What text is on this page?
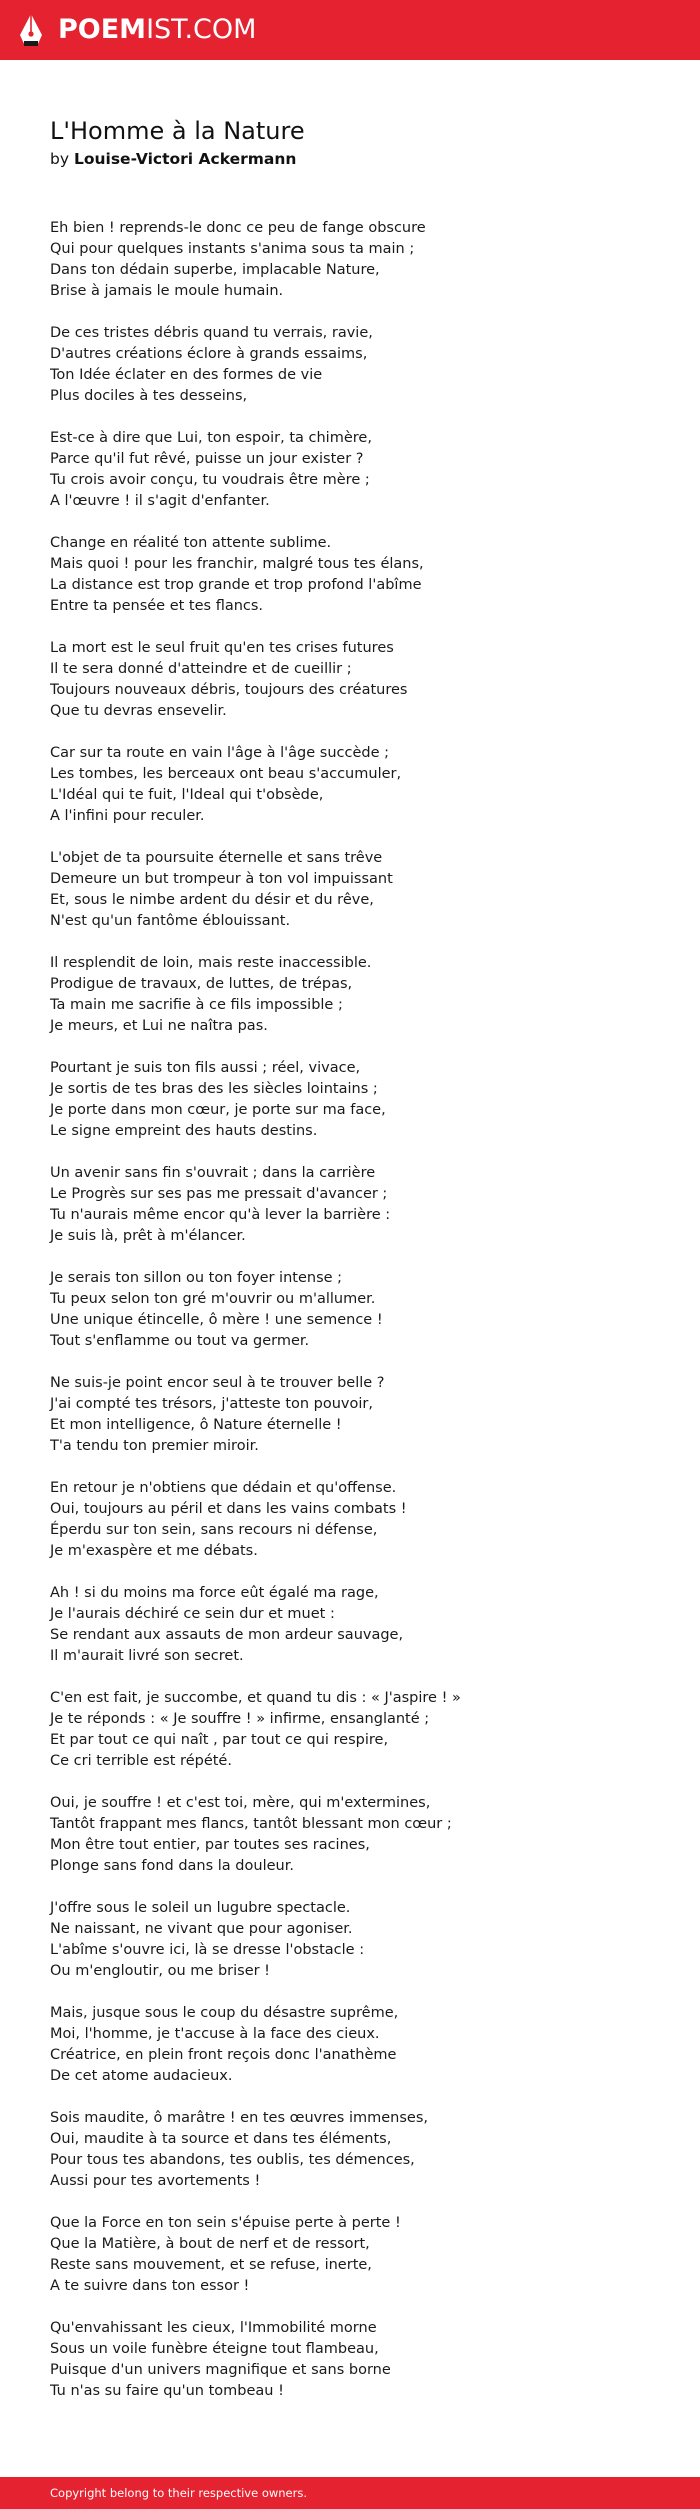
POEMIST.COM
L'Homme à la Nature
by Louise-Victori Ackermann
Eh bien ! reprends-le donc ce peu de fange obscure
Qui pour quelques instants s'anima sous ta main ;
Dans ton dédain superbe, implacable Nature,
Brise à jamais le moule humain.
De ces tristes débris quand tu verrais, ravie,
D'autres créations éclore à grands essaims,
Ton Idée éclater en des formes de vie
Plus dociles à tes desseins,
Est-ce à dire que Lui, ton espoir, ta chimère,
Parce qu'il fut rêvé, puisse un jour exister ?
Tu crois avoir conçu, tu voudrais être mère ;
A l'œuvre ! il s'agit d'enfanter.
Change en réalité ton attente sublime.
Mais quoi ! pour les franchir, malgré tous tes élans,
La distance est trop grande et trop profond l'abîme
Entre ta pensée et tes flancs.
La mort est le seul fruit qu'en tes crises futures
Il te sera donné d'atteindre et de cueillir ;
Toujours nouveaux débris, toujours des créatures
Que tu devras ensevelir.
Car sur ta route en vain l'âge à l'âge succède ;
Les tombes, les berceaux ont beau s'accumuler,
L'Idéal qui te fuit, l'Ideal qui t'obsède,
A l'infini pour reculer.
L'objet de ta poursuite éternelle et sans trêve
Demeure un but trompeur à ton vol impuissant
Et, sous le nimbe ardent du désir et du rêve,
N'est qu'un fantôme éblouissant.
Il resplendit de loin, mais reste inaccessible.
Prodigue de travaux, de luttes, de trépas,
Ta main me sacrifie à ce fils impossible ;
Je meurs, et Lui ne naîtra pas.
Pourtant je suis ton fils aussi ; réel, vivace,
Je sortis de tes bras des les siècles lointains ;
Je porte dans mon cœur, je porte sur ma face,
Le signe empreint des hauts destins.
Un avenir sans fin s'ouvrait ; dans la carrière
Le Progrès sur ses pas me pressait d'avancer ;
Tu n'aurais même encor qu'à lever la barrière :
Je suis là, prêt à m'élancer.
Je serais ton sillon ou ton foyer intense ;
Tu peux selon ton gré m'ouvrir ou m'allumer.
Une unique étincelle, ô mère ! une semence !
Tout s'enflamme ou tout va germer.
Ne suis-je point encor seul à te trouver belle ?
J'ai compté tes trésors, j'atteste ton pouvoir,
Et mon intelligence, ô Nature éternelle !
T'a tendu ton premier miroir.
En retour je n'obtiens que dédain et qu'offense.
Oui, toujours au péril et dans les vains combats !
Éperdu sur ton sein, sans recours ni défense,
Je m'exaspère et me débats.
Ah ! si du moins ma force eût égalé ma rage,
Je l'aurais déchiré ce sein dur et muet :
Se rendant aux assauts de mon ardeur sauvage,
Il m'aurait livré son secret.
C'en est fait, je succombe, et quand tu dis : « J'aspire ! »
Je te réponds : « Je souffre ! » infirme, ensanglanté ;
Et par tout ce qui naît , par tout ce qui respire,
Ce cri terrible est répété.
Oui, je souffre ! et c'est toi, mère, qui m'extermines,
Tantôt frappant mes flancs, tantôt blessant mon cœur ;
Mon être tout entier, par toutes ses racines,
Plonge sans fond dans la douleur.
J'offre sous le soleil un lugubre spectacle.
Ne naissant, ne vivant que pour agoniser.
L'abîme s'ouvre ici, là se dresse l'obstacle :
Ou m'engloutir, ou me briser !
Mais, jusque sous le coup du désastre suprême,
Moi, l'homme, je t'accuse à la face des cieux.
Créatrice, en plein front reçois donc l'anathème
De cet atome audacieux.
Sois maudite, ô marâtre ! en tes œuvres immenses,
Oui, maudite à ta source et dans tes éléments,
Pour tous tes abandons, tes oublis, tes démences,
Aussi pour tes avortements !
Que la Force en ton sein s'épuise perte à perte !
Que la Matière, à bout de nerf et de ressort,
Reste sans mouvement, et se refuse, inerte,
A te suivre dans ton essor !
Qu'envahissant les cieux, l'Immobilité morne
Sous un voile funèbre éteigne tout flambeau,
Puisque d'un univers magnifique et sans borne
Tu n'as su faire qu'un tombeau !
Copyright belong to their respective owners.
